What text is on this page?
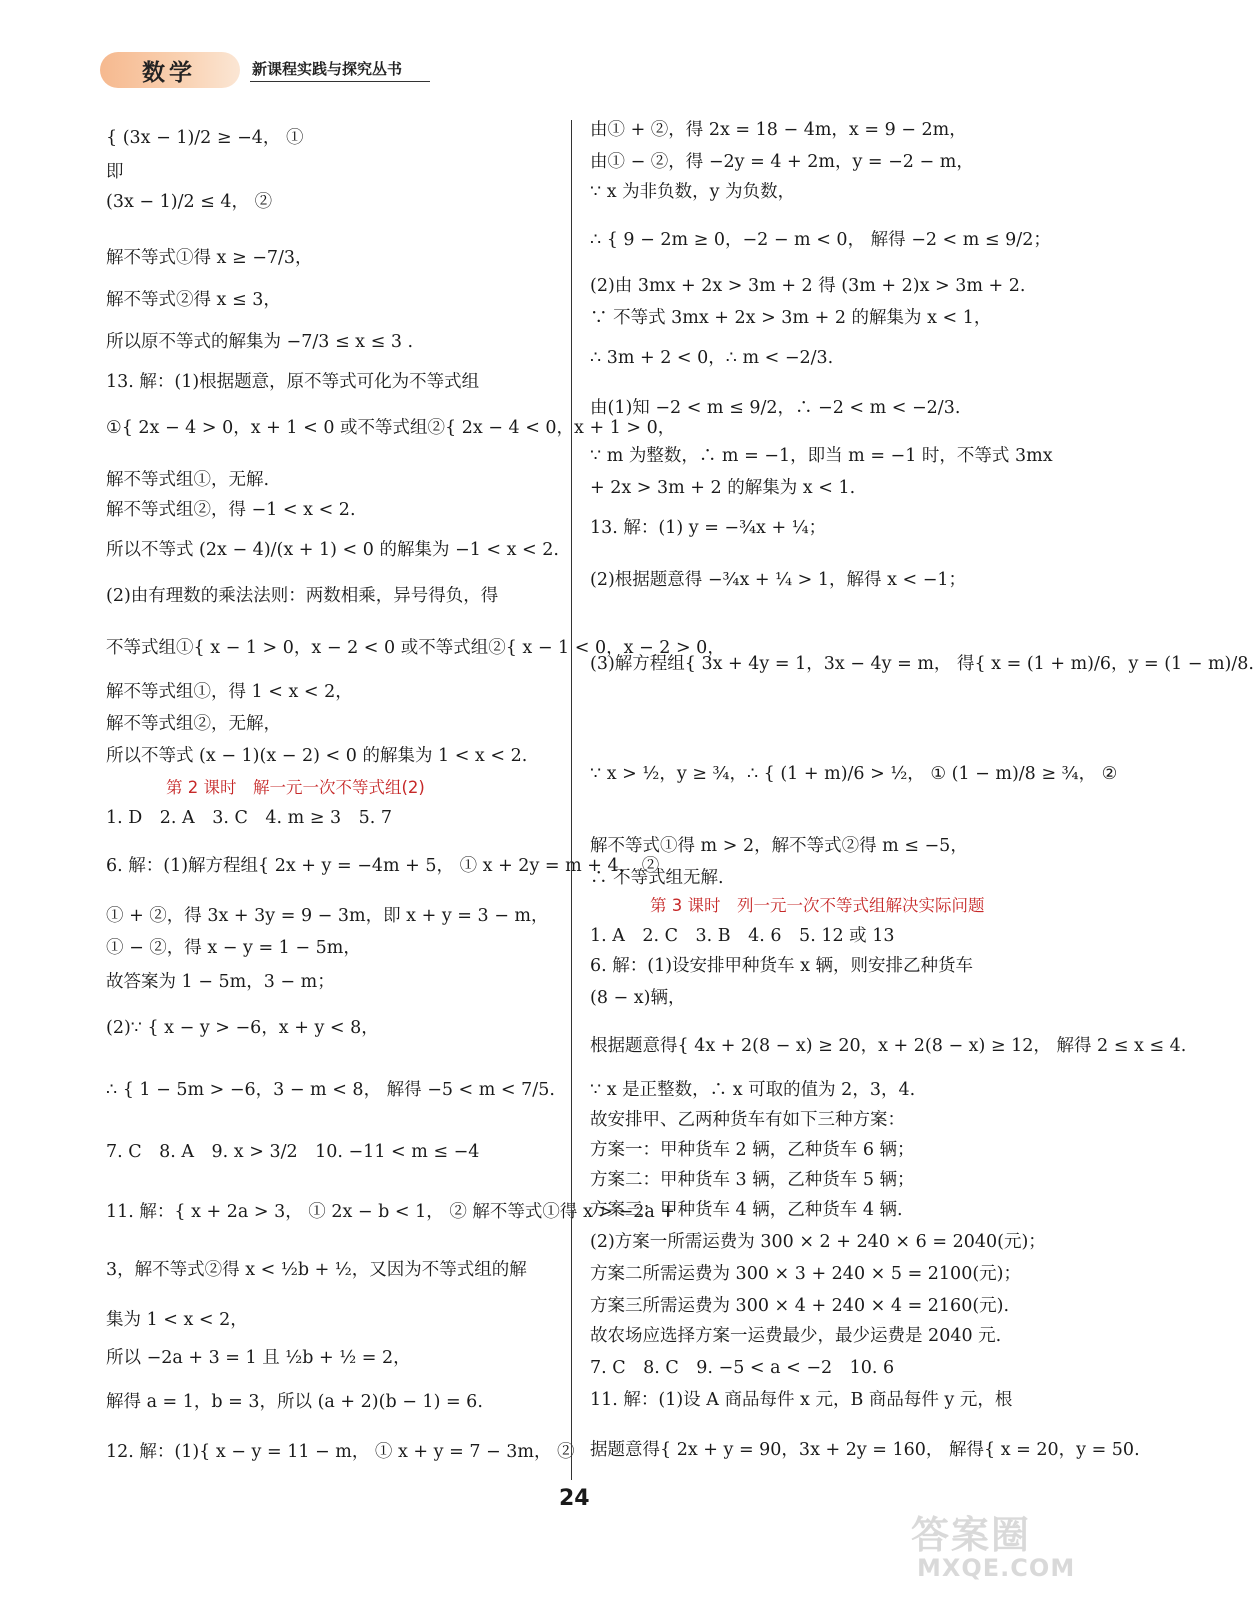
数学	新课程实践与探究丛书
{ (3x − 1)/2 ≥ −4， ①
即
(3x − 1)/2 ≤ 4， ②
解不等式①得 x ≥ −7/3，
解不等式②得 x ≤ 3，
所以原不等式的解集为 −7/3 ≤ x ≤ 3 .
13. 解：(1)根据题意，原不等式可化为不等式组
①{ 2x − 4 > 0，x + 1 < 0 或不等式组②{ 2x − 4 < 0，x + 1 > 0，
解不等式组①，无解.
解不等式组②，得 −1 < x < 2.
所以不等式 (2x − 4)/(x + 1) < 0 的解集为 −1 < x < 2.
(2)由有理数的乘法法则：两数相乘，异号得负，得
不等式组①{ x − 1 > 0，x − 2 < 0 或不等式组②{ x − 1 < 0，x − 2 > 0，
解不等式组①，得 1 < x < 2，
解不等式组②，无解，
所以不等式 (x − 1)(x − 2) < 0 的解集为 1 < x < 2.
第 2 课时　解一元一次不等式组(2)
1. D　2. A　3. C　4. m ≥ 3　5. 7
6. 解：(1)解方程组{ 2x + y = −4m + 5， ① x + 2y = m + 4， ②
① + ②，得 3x + 3y = 9 − 3m，即 x + y = 3 − m，
① − ②，得 x − y = 1 − 5m，
故答案为 1 − 5m，3 − m；
(2)∵ { x − y > −6，x + y < 8，
∴ { 1 − 5m > −6，3 − m < 8， 解得 −5 < m < 7/5.
7. C　8. A　9. x > 3/2　10. −11 < m ≤ −4
11. 解：{ x + 2a > 3， ① 2x − b < 1， ② 解不等式①得 x > −2a +
3，解不等式②得 x < ½b + ½，又因为不等式组的解
集为 1 < x < 2，
所以 −2a + 3 = 1 且 ½b + ½ = 2，
解得 a = 1，b = 3，所以 (a + 2)(b − 1) = 6.
12. 解：(1){ x − y = 11 − m， ① x + y = 7 − 3m， ②
由① + ②，得 2x = 18 − 4m，x = 9 − 2m，
由① − ②，得 −2y = 4 + 2m，y = −2 − m，
∵ x 为非负数，y 为负数，
∴ { 9 − 2m ≥ 0，−2 − m < 0， 解得 −2 < m ≤ 9/2；
(2)由 3mx + 2x > 3m + 2 得 (3m + 2)x > 3m + 2.
∵ 不等式 3mx + 2x > 3m + 2 的解集为 x < 1，
∴ 3m + 2 < 0，∴ m < −2/3.
由(1)知 −2 < m ≤ 9/2，∴ −2 < m < −2/3.
∵ m 为整数，∴ m = −1，即当 m = −1 时，不等式 3mx
+ 2x > 3m + 2 的解集为 x < 1.
13. 解：(1) y = −¾x + ¼；
(2)根据题意得 −¾x + ¼ > 1，解得 x < −1；
(3)解方程组{ 3x + 4y = 1，3x − 4y = m， 得{ x = (1 + m)/6，y = (1 − m)/8.
∵ x > ½，y ≥ ¾，∴ { (1 + m)/6 > ½， ① (1 − m)/8 ≥ ¾， ②
解不等式①得 m > 2，解不等式②得 m ≤ −5，
∴ 不等式组无解.
第 3 课时　列一元一次不等式组解决实际问题
1. A　2. C　3. B　4. 6　5. 12 或 13
6. 解：(1)设安排甲种货车 x 辆，则安排乙种货车
(8 − x)辆，
根据题意得{ 4x + 2(8 − x) ≥ 20，x + 2(8 − x) ≥ 12， 解得 2 ≤ x ≤ 4.
∵ x 是正整数，∴ x 可取的值为 2，3，4.
故安排甲、乙两种货车有如下三种方案：
方案一：甲种货车 2 辆，乙种货车 6 辆；
方案二：甲种货车 3 辆，乙种货车 5 辆；
方案三：甲种货车 4 辆，乙种货车 4 辆.
(2)方案一所需运费为 300 × 2 + 240 × 6 = 2040(元)；
方案二所需运费为 300 × 3 + 240 × 5 = 2100(元)；
方案三所需运费为 300 × 4 + 240 × 4 = 2160(元).
故农场应选择方案一运费最少，最少运费是 2040 元.
7. C　8. C　9. −5 < a < −2　10. 6
11. 解：(1)设 A 商品每件 x 元，B 商品每件 y 元，根
据题意得{ 2x + y = 90，3x + 2y = 160， 解得{ x = 20，y = 50.
24
答案圈
MXQE.COM
